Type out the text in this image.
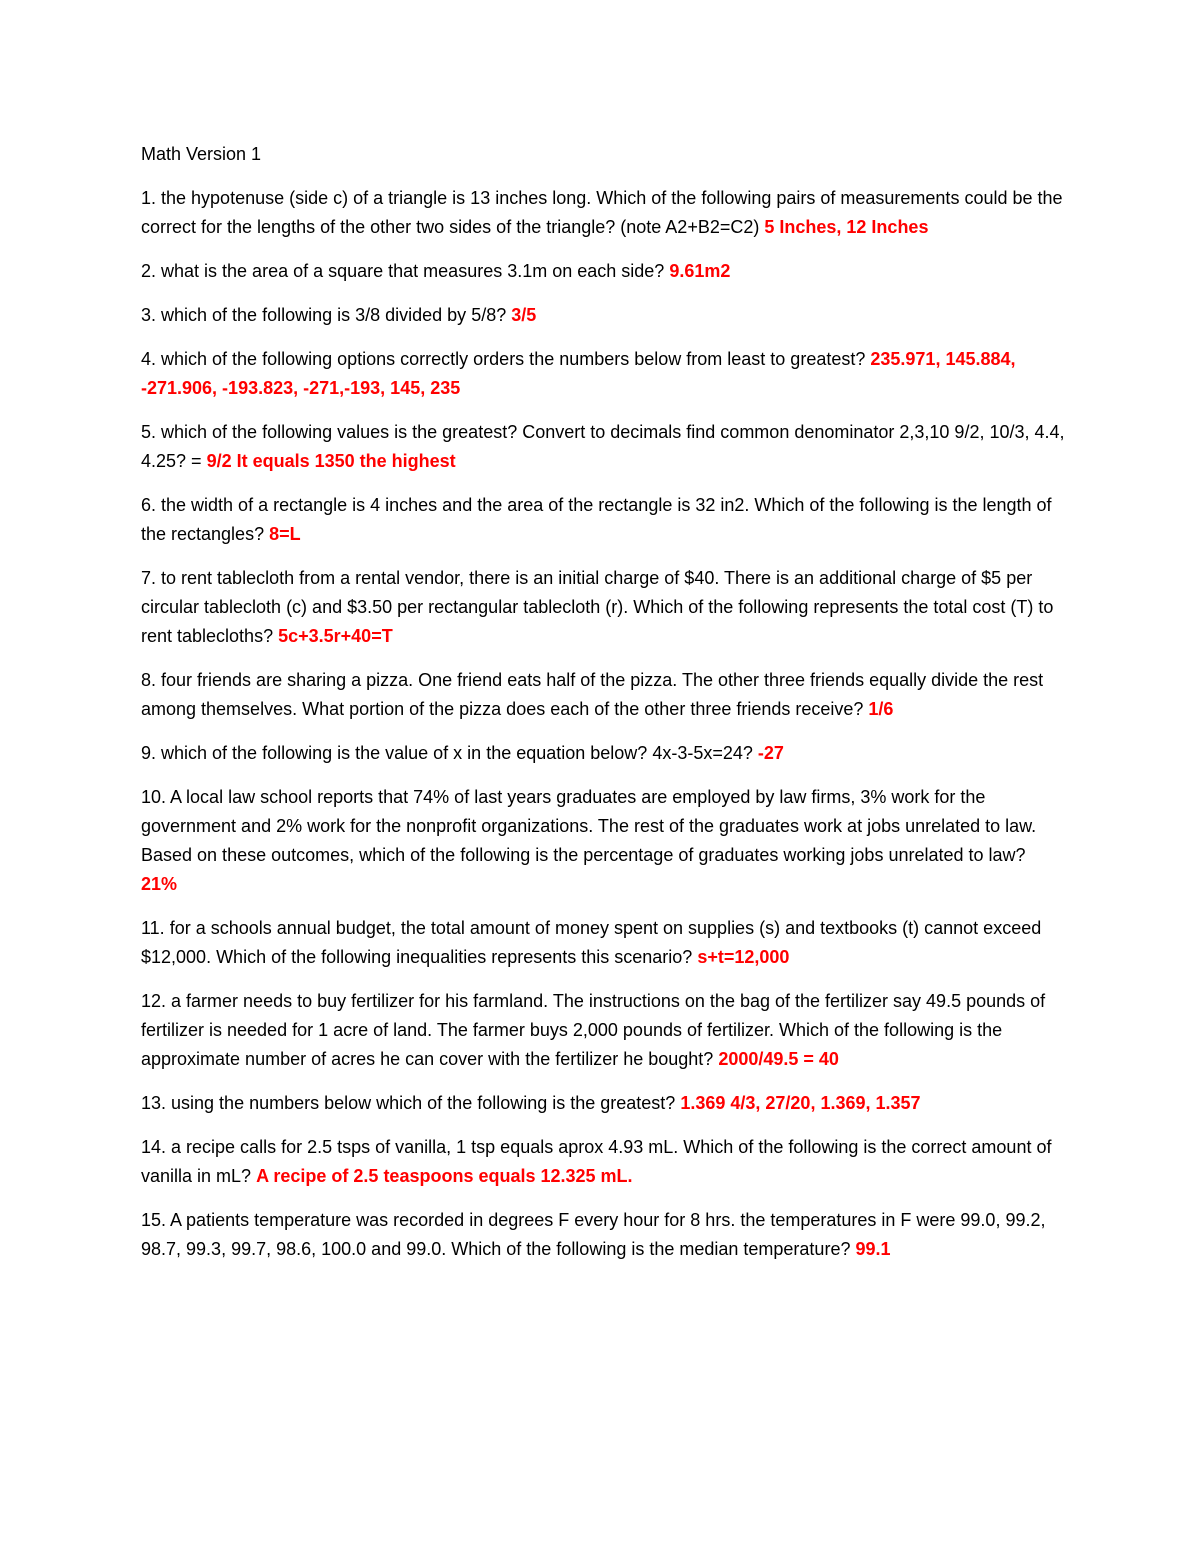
Math Version 1

1. the hypotenuse (side c) of a triangle is 13 inches long. Which of the following pairs of measurements could be the correct for the lengths of the other two sides of the triangle? (note A2+B2=C2) 5 Inches, 12 Inches

2. what is the area of a square that measures 3.1m on each side? 9.61m2

3. which of the following is 3/8 divided by 5/8? 3/5

4. which of the following options correctly orders the numbers below from least to greatest? 235.971, 145.884, -271.906, -193.823, -271,-193, 145, 235

5. which of the following values is the greatest? Convert to decimals find common denominator 2,3,10 9/2, 10/3, 4.4, 4.25? = 9/2 It equals 1350 the highest

6. the width of a rectangle is 4 inches and the area of the rectangle is 32 in2. Which of the following is the length of the rectangles? 8=L

7. to rent tablecloth from a rental vendor, there is an initial charge of $40. There is an additional charge of $5 per circular tablecloth (c) and $3.50 per rectangular tablecloth (r). Which of the following represents the total cost (T) to rent tablecloths? 5c+3.5r+40=T

8. four friends are sharing a pizza. One friend eats half of the pizza. The other three friends equally divide the rest among themselves. What portion of the pizza does each of the other three friends receive? 1/6

9. which of the following is the value of x in the equation below? 4x-3-5x=24? -27

10. A local law school reports that 74% of last years graduates are employed by law firms, 3% work for the government and 2% work for the nonprofit organizations. The rest of the graduates work at jobs unrelated to law. Based on these outcomes, which of the following is the percentage of graduates working jobs unrelated to law? 21%

11. for a schools annual budget, the total amount of money spent on supplies (s) and textbooks (t) cannot exceed $12,000. Which of the following inequalities represents this scenario? s+t=12,000

12. a farmer needs to buy fertilizer for his farmland. The instructions on the bag of the fertilizer say 49.5 pounds of fertilizer is needed for 1 acre of land. The farmer buys 2,000 pounds of fertilizer. Which of the following is the approximate number of acres he can cover with the fertilizer he bought? 2000/49.5 = 40

13. using the numbers below which of the following is the greatest? 1.369 4/3, 27/20, 1.369, 1.357

14. a recipe calls for 2.5 tsps of vanilla, 1 tsp equals aprox 4.93 mL. Which of the following is the correct amount of vanilla in mL? A recipe of 2.5 teaspoons equals 12.325 mL.

15. A patients temperature was recorded in degrees F every hour for 8 hrs. the temperatures in F were 99.0, 99.2, 98.7, 99.3, 99.7, 98.6, 100.0 and 99.0. Which of the following is the median temperature? 99.1
